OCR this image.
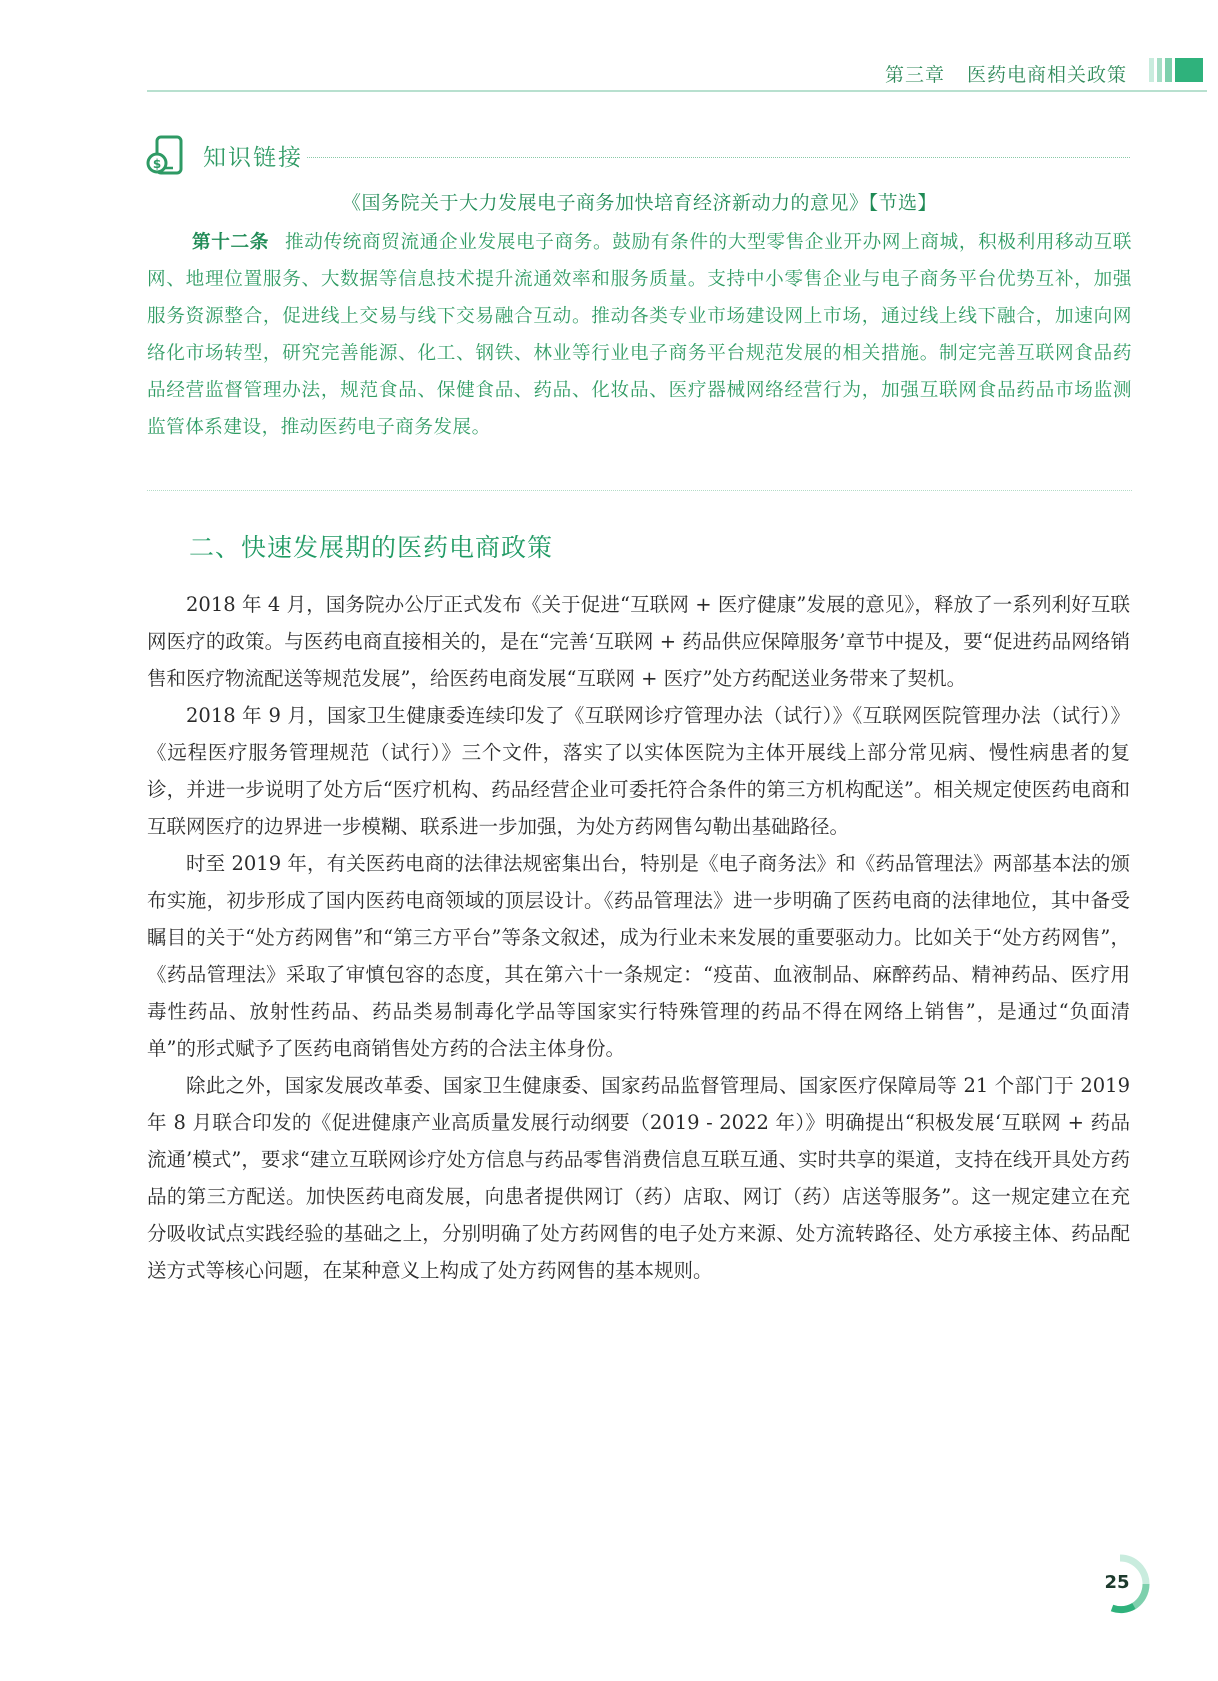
第三章 医药电商相关政策
$ 知识链接
《国务院关于大力发展电子商务加快培育经济新动力的意见》【节选】
第十二条 推动传统商贸流通企业发展电子商务。鼓励有条件的大型零售企业开办网上商城，积极利用移动互联网、地理位置服务、大数据等信息技术提升流通效率和服务质量。支持中小零售企业与电子商务平台优势互补，加强服务资源整合，促进线上交易与线下交易融合互动。推动各类专业市场建设网上市场，通过线上线下融合，加速向网络化市场转型，研究完善能源、化工、钢铁、林业等行业电子商务平台规范发展的相关措施。制定完善互联网食品药品经营监督管理办法，规范食品、保健食品、药品、化妆品、医疗器械网络经营行为，加强互联网食品药品市场监测监管体系建设，推动医药电子商务发展。
二、快速发展期的医药电商政策

2018 年 4 月，国务院办公厅正式发布《关于促进“互联网 + 医疗健康”发展的意见》，释放了一系列利好互联网医疗的政策。与医药电商直接相关的，是在“完善‘互联网 + 药品供应保障服务’章节中提及，要“促进药品网络销售和医疗物流配送等规范发展”，给医药电商发展“互联网 + 医疗”处方药配送业务带来了契机。

2018 年 9 月，国家卫生健康委连续印发了《互联网诊疗管理办法（试行）》《互联网医院管理办法（试行）》《远程医疗服务管理规范（试行）》三个文件，落实了以实体医院为主体开展线上部分常见病、慢性病患者的复诊，并进一步说明了处方后“医疗机构、药品经营企业可委托符合条件的第三方机构配送”。相关规定使医药电商和互联网医疗的边界进一步模糊、联系进一步加强，为处方药网售勾勒出基础路径。

时至 2019 年，有关医药电商的法律法规密集出台，特别是《电子商务法》和《药品管理法》两部基本法的颁布实施，初步形成了国内医药电商领域的顶层设计。《药品管理法》进一步明确了医药电商的法律地位，其中备受瞩目的关于“处方药网售”和“第三方平台”等条文叙述，成为行业未来发展的重要驱动力。比如关于“处方药网售”，《药品管理法》采取了审慎包容的态度，其在第六十一条规定：“疫苗、血液制品、麻醉药品、精神药品、医疗用毒性药品、放射性药品、药品类易制毒化学品等国家实行特殊管理的药品不得在网络上销售”，是通过“负面清单”的形式赋予了医药电商销售处方药的合法主体身份。

除此之外，国家发展改革委、国家卫生健康委、国家药品监督管理局、国家医疗保障局等 21 个部门于 2019 年 8 月联合印发的《促进健康产业高质量发展行动纲要（2019 - 2022 年）》明确提出“积极发展‘互联网 + 药品流通’模式”，要求“建立互联网诊疗处方信息与药品零售消费信息互联互通、实时共享的渠道，支持在线开具处方药品的第三方配送。加快医药电商发展，向患者提供网订（药）店取、网订（药）店送等服务”。这一规定建立在充分吸收试点实践经验的基础之上，分别明确了处方药网售的电子处方来源、处方流转路径、处方承接主体、药品配送方式等核心问题，在某种意义上构成了处方药网售的基本规则。

25
